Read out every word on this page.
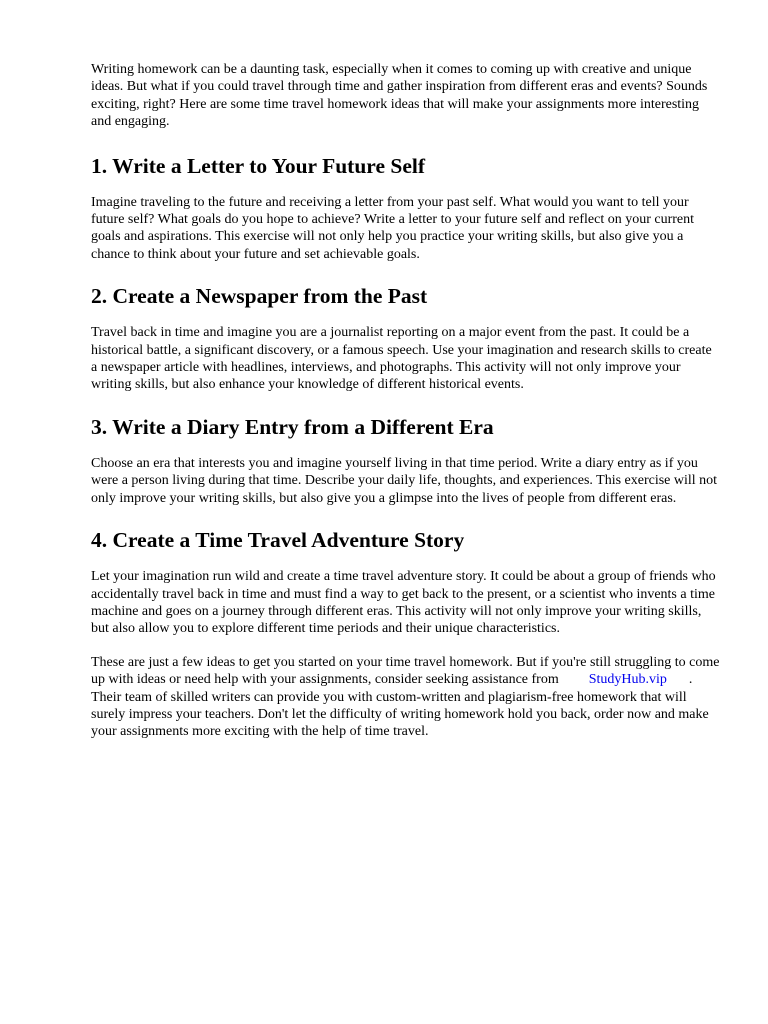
Writing homework can be a daunting task, especially when it comes to coming up with creative and unique ideas. But what if you could travel through time and gather inspiration from different eras and events? Sounds exciting, right? Here are some time travel homework ideas that will make your assignments more interesting and engaging.

1. Write a Letter to Your Future Self

Imagine traveling to the future and receiving a letter from your past self. What would you want to tell your future self? What goals do you hope to achieve? Write a letter to your future self and reflect on your current goals and aspirations. This exercise will not only help you practice your writing skills, but also give you a chance to think about your future and set achievable goals.

2. Create a Newspaper from the Past

Travel back in time and imagine you are a journalist reporting on a major event from the past. It could be a historical battle, a significant discovery, or a famous speech. Use your imagination and research skills to create a newspaper article with headlines, interviews, and photographs. This activity will not only improve your writing skills, but also enhance your knowledge of different historical events.

3. Write a Diary Entry from a Different Era

Choose an era that interests you and imagine yourself living in that time period. Write a diary entry as if you were a person living during that time. Describe your daily life, thoughts, and experiences. This exercise will not only improve your writing skills, but also give you a glimpse into the lives of people from different eras.

4. Create a Time Travel Adventure Story

Let your imagination run wild and create a time travel adventure story. It could be about a group of friends who accidentally travel back in time and must find a way to get back to the present, or a scientist who invents a time machine and goes on a journey through different eras. This activity will not only improve your writing skills, but also allow you to explore different time periods and their unique characteristics.

These are just a few ideas to get you started on your time travel homework. But if you're still struggling to come up with ideas or need help with your assignments, consider seeking assistance from StudyHub.vip . Their team of skilled writers can provide you with custom-written and plagiarism-free homework that will surely impress your teachers. Don't let the difficulty of writing homework hold you back, order now and make your assignments more exciting with the help of time travel.
